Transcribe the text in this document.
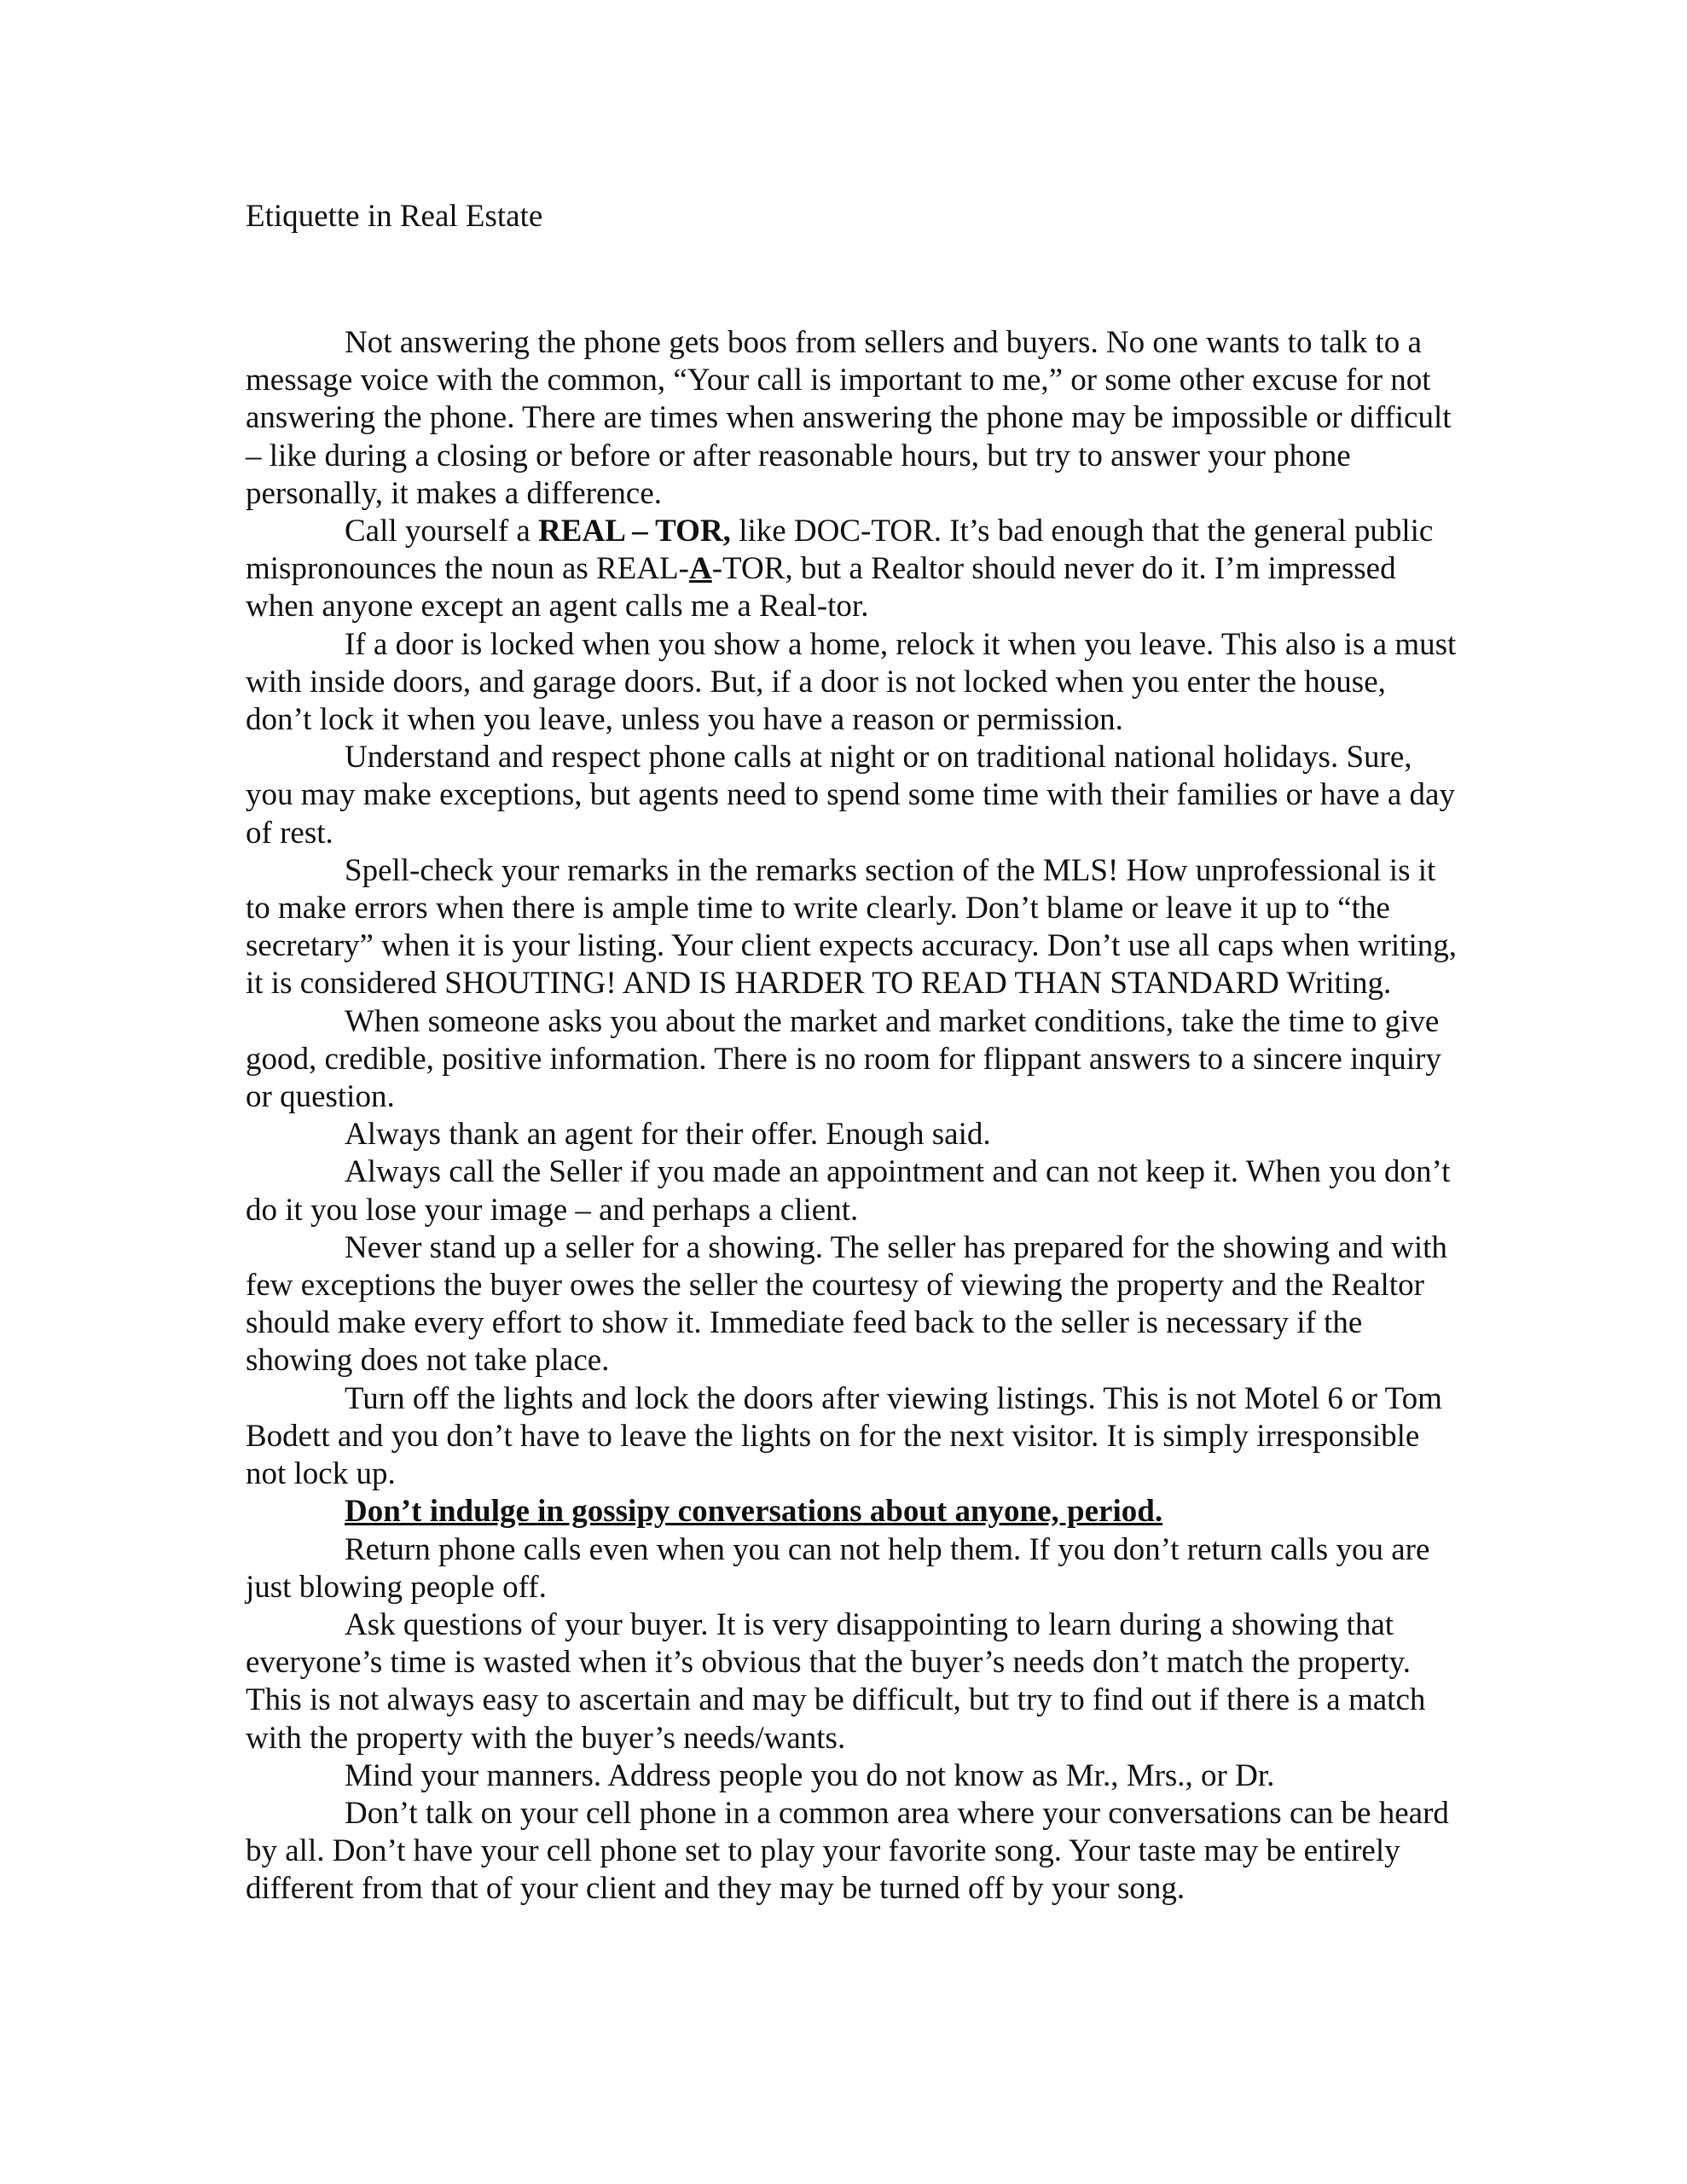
Etiquette in Real Estate

Not answering the phone gets boos from sellers and buyers. No one wants to talk to a message voice with the common, “Your call is important to me,” or some other excuse for not answering the phone. There are times when answering the phone may be impossible or difficult – like during a closing or before or after reasonable hours, but try to answer your phone personally, it makes a difference.

Call yourself a REAL – TOR, like DOC-TOR. It’s bad enough that the general public mispronounces the noun as REAL-A-TOR, but a Realtor should never do it. I’m impressed when anyone except an agent calls me a Real-tor.

If a door is locked when you show a home, relock it when you leave. This also is a must with inside doors, and garage doors. But, if a door is not locked when you enter the house, don’t lock it when you leave, unless you have a reason or permission.

Understand and respect phone calls at night or on traditional national holidays. Sure, you may make exceptions, but agents need to spend some time with their families or have a day of rest.

Spell-check your remarks in the remarks section of the MLS! How unprofessional is it to make errors when there is ample time to write clearly. Don’t blame or leave it up to “the secretary” when it is your listing. Your client expects accuracy. Don’t use all caps when writing, it is considered SHOUTING! AND IS HARDER TO READ THAN STANDARD Writing.

When someone asks you about the market and market conditions, take the time to give good, credible, positive information. There is no room for flippant answers to a sincere inquiry or question.

Always thank an agent for their offer. Enough said.

Always call the Seller if you made an appointment and can not keep it. When you don’t do it you lose your image – and perhaps a client.

Never stand up a seller for a showing. The seller has prepared for the showing and with few exceptions the buyer owes the seller the courtesy of viewing the property and the Realtor should make every effort to show it. Immediate feed back to the seller is necessary if the showing does not take place.

Turn off the lights and lock the doors after viewing listings. This is not Motel 6 or Tom Bodett and you don’t have to leave the lights on for the next visitor. It is simply irresponsible not lock up.

Don’t indulge in gossipy conversations about anyone, period.

Return phone calls even when you can not help them. If you don’t return calls you are just blowing people off.

Ask questions of your buyer. It is very disappointing to learn during a showing that everyone’s time is wasted when it’s obvious that the buyer’s needs don’t match the property. This is not always easy to ascertain and may be difficult, but try to find out if there is a match with the property with the buyer’s needs/wants.

Mind your manners. Address people you do not know as Mr., Mrs., or Dr.

Don’t talk on your cell phone in a common area where your conversations can be heard by all. Don’t have your cell phone set to play your favorite song. Your taste may be entirely different from that of your client and they may be turned off by your song.
